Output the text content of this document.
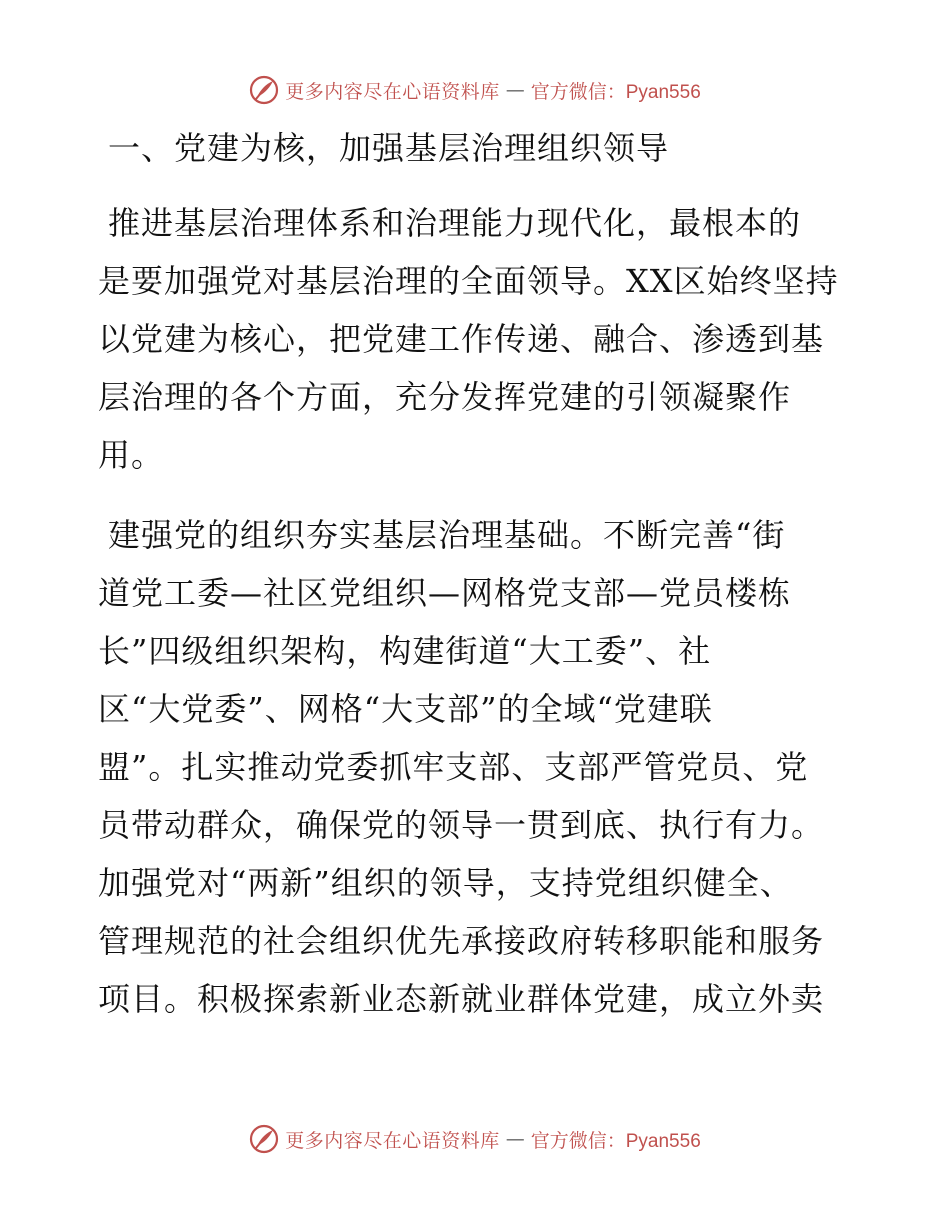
更多内容尽在心语资料库 — 官方微信：Pyan556
一、党建为核，加强基层治理组织领导
推进基层治理体系和治理能力现代化，最根本的
是要加强党对基层治理的全面领导。XX区始终坚持
以党建为核心，把党建工作传递、融合、渗透到基
层治理的各个方面，充分发挥党建的引领凝聚作
用。
建强党的组织夯实基层治理基础。不断完善“街
道党工委—社区党组织—网格党支部—党员楼栋
长”四级组织架构，构建街道“大工委”、社
区“大党委”、网格“大支部”的全域“党建联
盟”。扎实推动党委抓牢支部、支部严管党员、党
员带动群众，确保党的领导一贯到底、执行有力。
加强党对“两新”组织的领导，支持党组织健全、
管理规范的社会组织优先承接政府转移职能和服务
项目。积极探索新业态新就业群体党建，成立外卖
更多内容尽在心语资料库 — 官方微信：Pyan556
